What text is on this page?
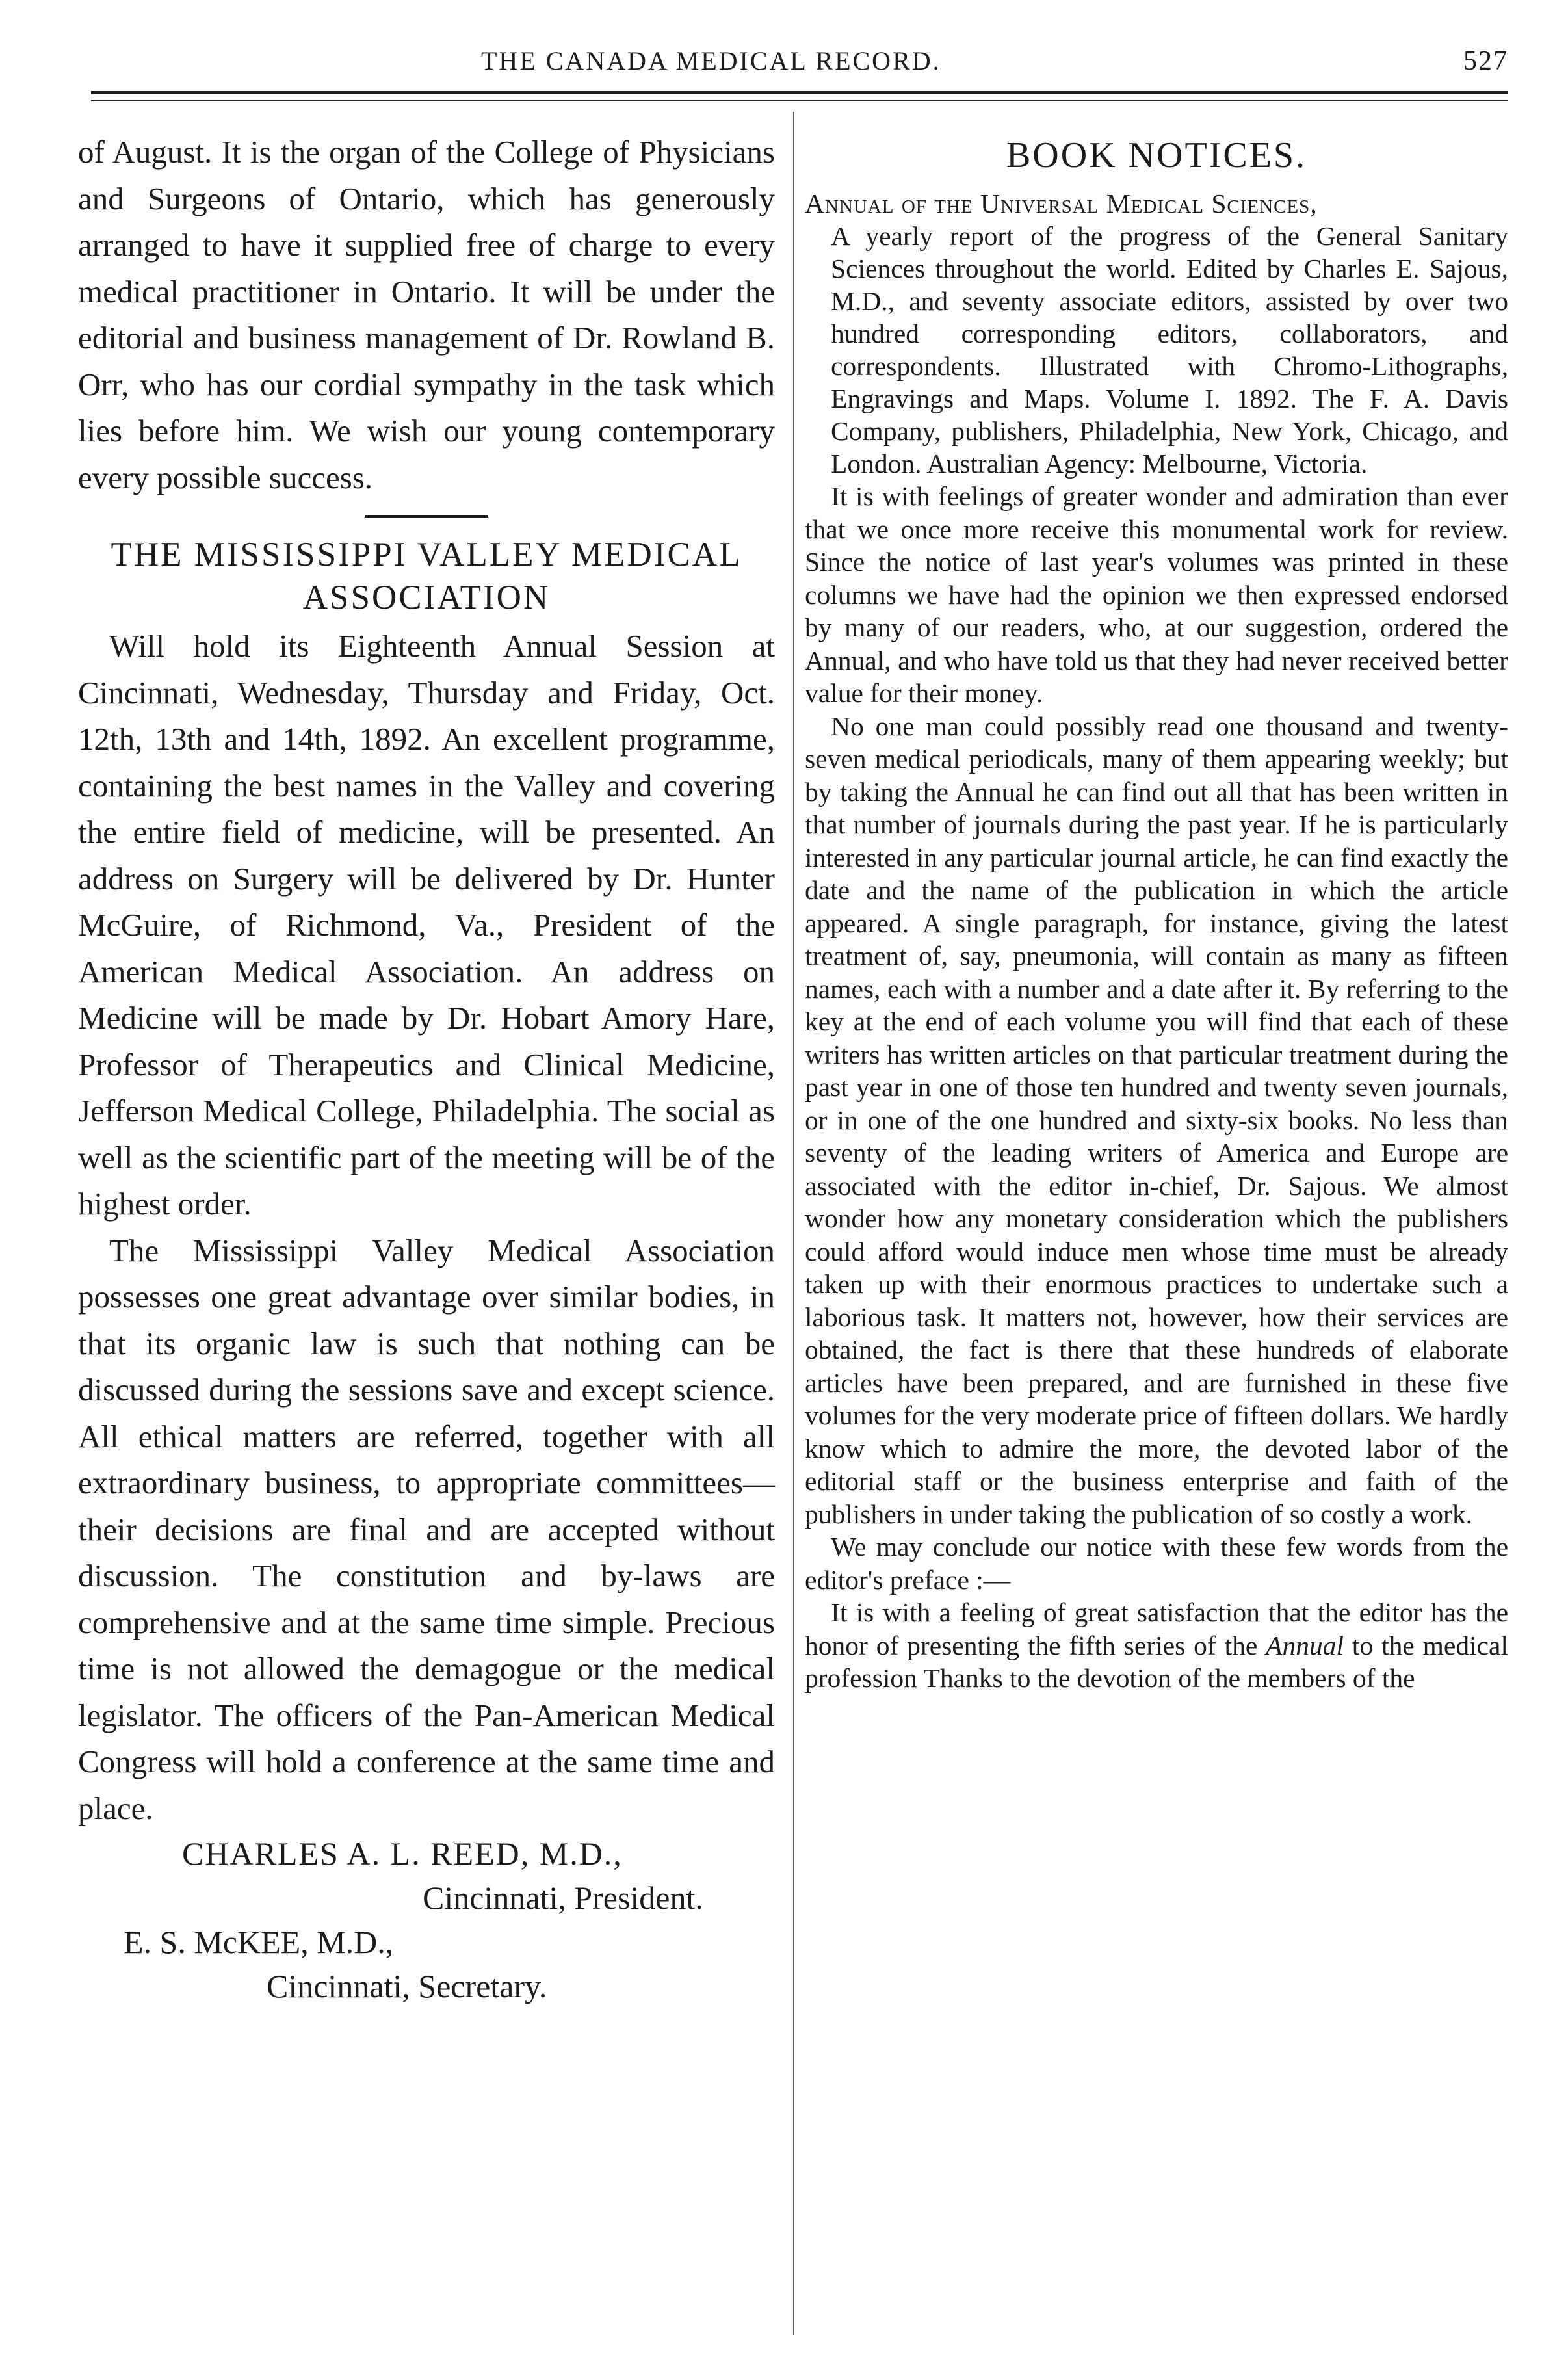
THE CANADA MEDICAL RECORD.	527

of August. It is the organ of the College of Physicians and Surgeons of Ontario, which has generously arranged to have it supplied free of charge to every medical practitioner in Ontario. It will be under the editorial and business management of Dr. Rowland B. Orr, who has our cordial sympathy in the task which lies before him. We wish our young contemporary every possible success.

THE MISSISSIPPI VALLEY MEDICAL ASSOCIATION

Will hold its Eighteenth Annual Session at Cincinnati, Wednesday, Thursday and Friday, Oct. 12th, 13th and 14th, 1892. An excellent programme, containing the best names in the Valley and covering the entire field of medicine, will be presented. An address on Surgery will be delivered by Dr. Hunter McGuire, of Richmond, Va., President of the American Medical Association. An address on Medicine will be made by Dr. Hobart Amory Hare, Professor of Therapeutics and Clinical Medicine, Jefferson Medical College, Philadelphia. The social as well as the scientific part of the meeting will be of the highest order.

The Mississippi Valley Medical Association possesses one great advantage over similar bodies, in that its organic law is such that nothing can be discussed during the sessions save and except science. All ethical matters are referred, together with all extraordinary business, to appropriate committees—their decisions are final and are accepted without discussion. The constitution and by-laws are comprehensive and at the same time simple. Precious time is not allowed the demagogue or the medical legislator. The officers of the Pan-American Medical Congress will hold a conference at the same time and place.

CHARLES A. L. REED, M.D.,
Cincinnati, President.
E. S. McKEE, M.D.,
Cincinnati, Secretary.
BOOK NOTICES.
Annual of the Universal Medical Sciences,
A yearly report of the progress of the General Sanitary Sciences throughout the world. Edited by Charles E. Sajous, M.D., and seventy associate editors, assisted by over two hundred corresponding editors, collaborators, and correspondents. Illustrated with Chromo-Lithographs, Engravings and Maps. Volume I. 1892. The F. A. Davis Company, publishers, Philadelphia, New York, Chicago, and London. Australian Agency: Melbourne, Victoria.

It is with feelings of greater wonder and admiration than ever that we once more receive this monumental work for review. Since the notice of last year's volumes was printed in these columns we have had the opinion we then expressed endorsed by many of our readers, who, at our suggestion, ordered the Annual, and who have told us that they had never received better value for their money.

No one man could possibly read one thousand and twenty-seven medical periodicals, many of them appearing weekly; but by taking the Annual he can find out all that has been written in that number of journals during the past year. If he is particularly interested in any particular journal article, he can find exactly the date and the name of the publication in which the article appeared. A single paragraph, for instance, giving the latest treatment of, say, pneumonia, will contain as many as fifteen names, each with a number and a date after it. By referring to the key at the end of each volume you will find that each of these writers has written articles on that particular treatment during the past year in one of those ten hundred and twenty seven journals, or in one of the one hundred and sixty-six books. No less than seventy of the leading writers of America and Europe are associated with the editor in-chief, Dr. Sajous. We almost wonder how any monetary consideration which the publishers could afford would induce men whose time must be already taken up with their enormous practices to undertake such a laborious task. It matters not, however, how their services are obtained, the fact is there that these hundreds of elaborate articles have been prepared, and are furnished in these five volumes for the very moderate price of fifteen dollars. We hardly know which to admire the more, the devoted labor of the editorial staff or the business enterprise and faith of the publishers in under taking the publication of so costly a work.

We may conclude our notice with these few words from the editor's preface :—

It is with a feeling of great satisfaction that the editor has the honor of presenting the fifth series of the Annual to the medical profession Thanks to the devotion of the members of the
